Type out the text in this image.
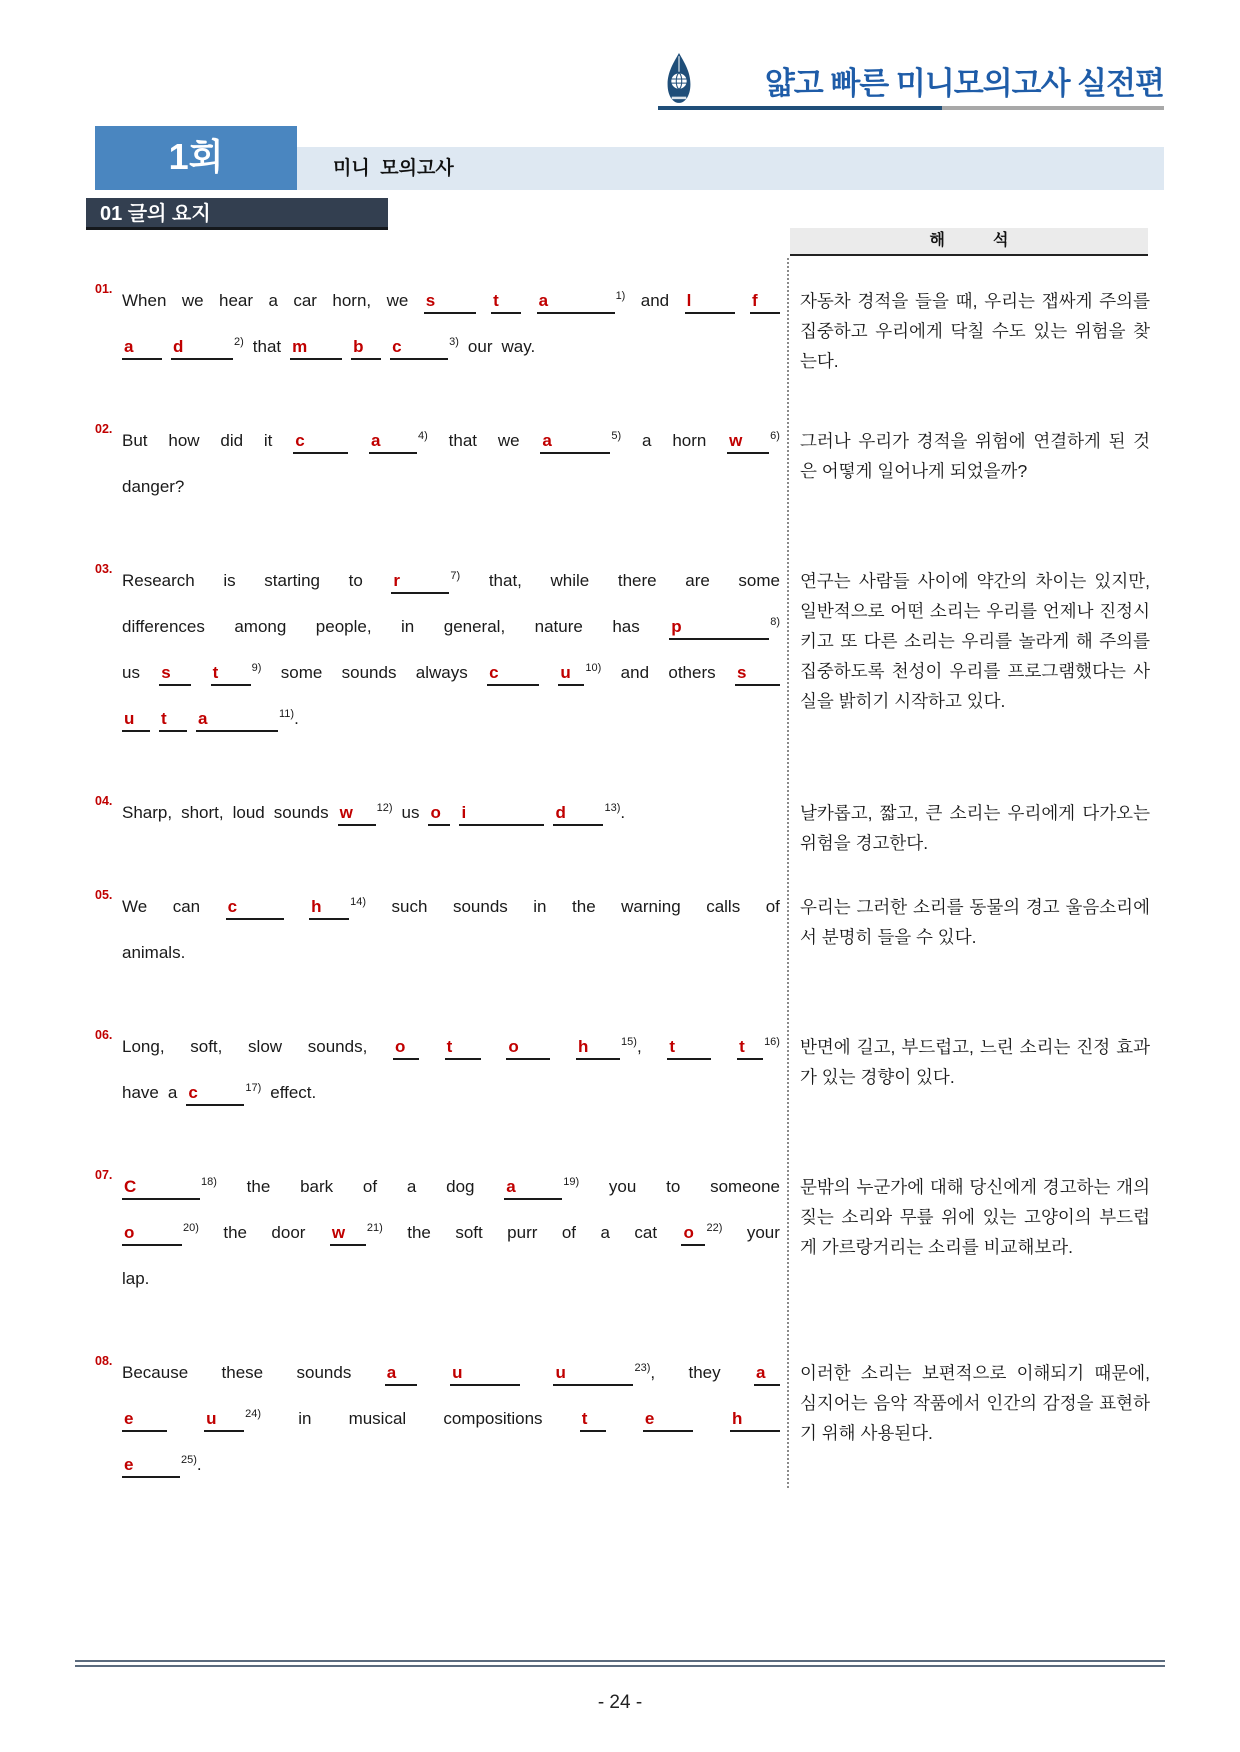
얇고 빠른 미니모의고사 실전편
1회	미니  모의고사
01 글의 요지
해　　　석
01.
When we hear a car horn, we s	t	a	$^{1)}$ and l	f
a d	$^{2)}$ that m	b c	$^{3)}$ our way.
자동차 경적을 들을 때, 우리는 잽싸게 주의를 집중하고 우리에게 닥칠 수도 있는 위험을 찾는다.
02.
But how did it c	a	$^{4)}$ that we a	$^{5)}$ a horn w	$^{6)}$
danger?
그러나 우리가 경적을 위험에 연결하게 된 것은 어떻게 일어나게 되었을까?
03.
Research is starting to r	$^{7)}$ that, while there are some
differences among people, in general, nature has p	$^{8)}$
us s	t	$^{9)}$ some sounds always c	u $^{10)}$ and others s
u t a	$^{11)}$.
연구는 사람들 사이에 약간의 차이는 있지만, 일반적으로 어떤 소리는 우리를 언제나 진정시키고 또 다른 소리는 우리를 놀라게 해 주의를 집중하도록 천성이 우리를 프로그램했다는 사실을 밝히기 시작하고 있다.
04.
Sharp, short, loud sounds w $^{12)}$ us o i	d	$^{13)}$.	날카롭고, 짧고, 큰 소리는 우리에게 다가오는 위험을 경고한다.
05.
We can c	h	$^{14)}$ such sounds in the warning calls of
animals.
우리는 그러한 소리를 동물의 경고 울음소리에서 분명히 들을 수 있다.
06.
Long, soft, slow sounds, o	t	o	h	$^{15)}$, t	t $^{16)}$
have a c	$^{17)}$ effect.
반면에 길고, 부드럽고, 느린 소리는 진정 효과가 있는 경향이 있다.
07.
C	$^{18)}$ the bark of a dog a	$^{19)}$ you to someone
o	$^{20)}$ the door w $^{21)}$ the soft purr of a cat o $^{22)}$ your
lap.
문밖의 누군가에 대해 당신에게 경고하는 개의 짖는 소리와 무릎 위에 있는 고양이의 부드럽게 가르랑거리는 소리를 비교해보라.
08.
Because these sounds a	u	u	$^{23)}$, they a
e	u	$^{24)}$ in musical compositions t	e	h
e	$^{25)}$.
이러한 소리는 보편적으로 이해되기 때문에, 심지어는 음악 작품에서 인간의 감정을 표현하기 위해 사용된다.
- 24 -
